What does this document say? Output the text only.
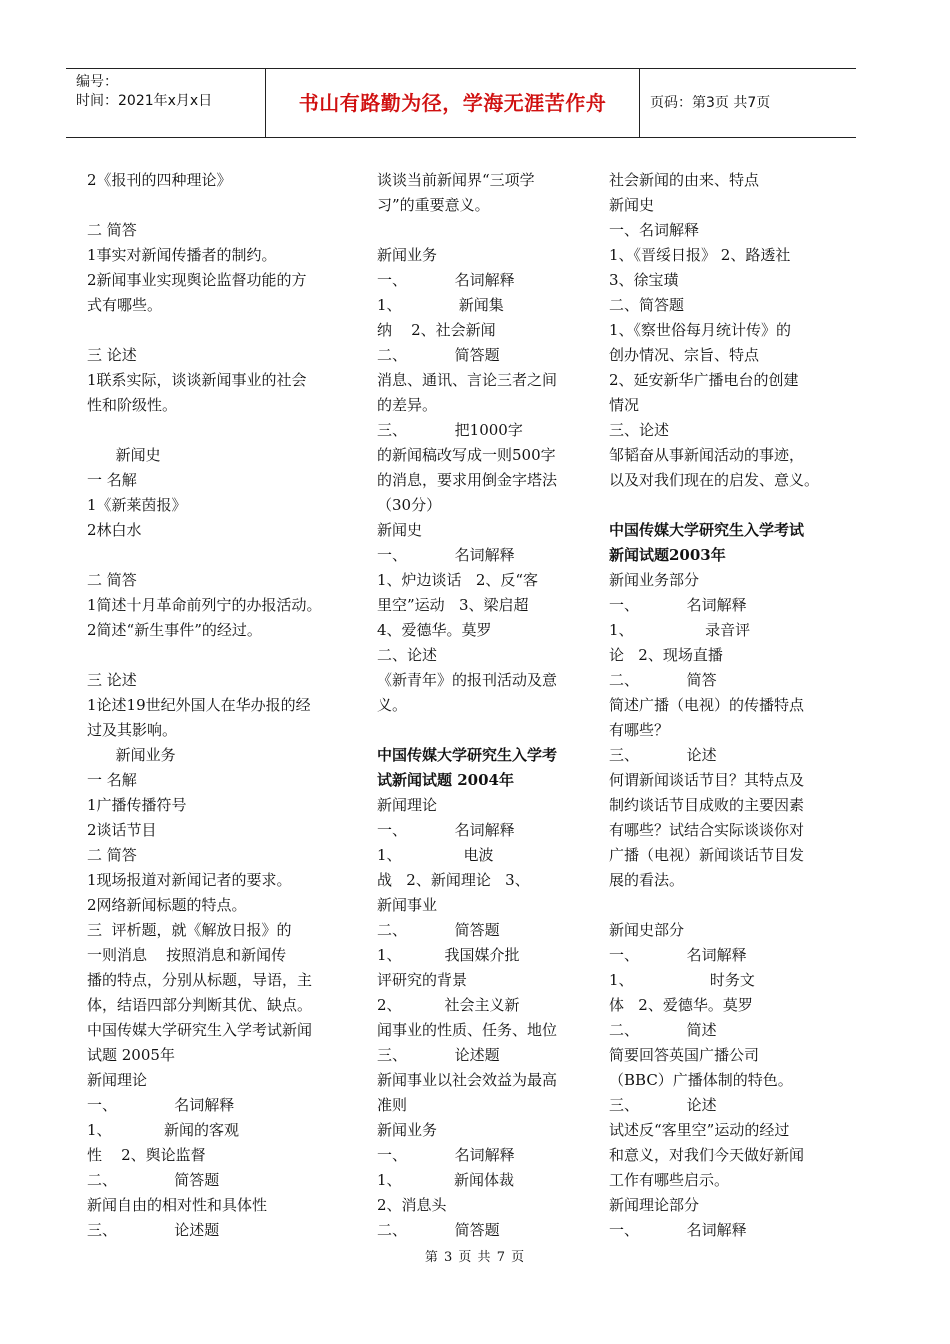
编号：
时间：2021年x月x日	书山有路勤为径，学海无涯苦作舟	页码：第3页 共7页
2《报刊的四种理论》
二 简答
1事实对新闻传播者的制约。
2新闻事业实现舆论监督功能的方
式有哪些。
三 论述
1联系实际，谈谈新闻事业的社会
性和阶级性。
新闻史
一 名解
1《新莱茵报》
2林白水
二 简答
1简述十月革命前列宁的办报活动。
2简述“新生事件”的经过。
三 论述
1论述19世纪外国人在华办报的经
过及其影响。
新闻业务
一 名解
1广播传播符号
2谈话节目
二 简答
1现场报道对新闻记者的要求。
2网络新闻标题的特点。
三  评析题，就《解放日报》的
一则消息    按照消息和新闻传
播的特点，分别从标题，导语，主
体，结语四部分判断其优、缺点。
中国传媒大学研究生入学考试新闻
试题 2005年
新闻理论
一、            名词解释
1、           新闻的客观
性    2、舆论监督
二、            简答题
新闻自由的相对性和具体性
三、            论述题
谈谈当前新闻界“三项学
习”的重要意义。
新闻业务
一、          名词解释
1、            新闻集
纳    2、社会新闻
二、          简答题
消息、通讯、言论三者之间
的差异。
三、          把1000字
的新闻稿改写成一则500字
的消息，要求用倒金字塔法
（30分）
新闻史
一、          名词解释
1、炉边谈话   2、反“客
里空”运动   3、梁启超
4、爱德华。莫罗
二、论述
《新青年》的报刊活动及意
义。
中国传媒大学研究生入学考
试新闻试题 2004年
新闻理论
一、          名词解释
1、             电波
战   2、新闻理论   3、
新闻事业
二、          简答题
1、         我国媒介批
评研究的背景
2、         社会主义新
闻事业的性质、任务、地位
三、          论述题
新闻事业以社会效益为最高
准则
新闻业务
一、          名词解释
1、           新闻体裁
2、消息头
二、          简答题
社会新闻的由来、特点
新闻史
一、名词解释
1、《晋绥日报》 2、路透社
3、徐宝璜
二、简答题
1、《察世俗每月统计传》的
创办情况、宗旨、特点
2、延安新华广播电台的创建
情况
三、论述
邹韬奋从事新闻活动的事迹，
以及对我们现在的启发、意义。
中国传媒大学研究生入学考试
新闻试题2003年
新闻业务部分
一、          名词解释
1、               录音评
论   2、现场直播
二、          简答
简述广播（电视）的传播特点
有哪些？
三、          论述
何谓新闻谈话节目？其特点及
制约谈话节目成败的主要因素
有哪些？试结合实际谈谈你对
广播（电视）新闻谈话节目发
展的看法。
新闻史部分
一、          名词解释
1、                时务文
体   2、爱德华。莫罗
二、          简述
简要回答英国广播公司
（BBC）广播体制的特色。
三、          论述
试述反“客里空”运动的经过
和意义，对我们今天做好新闻
工作有哪些启示。
新闻理论部分
一、          名词解释
第 3 页 共 7 页
